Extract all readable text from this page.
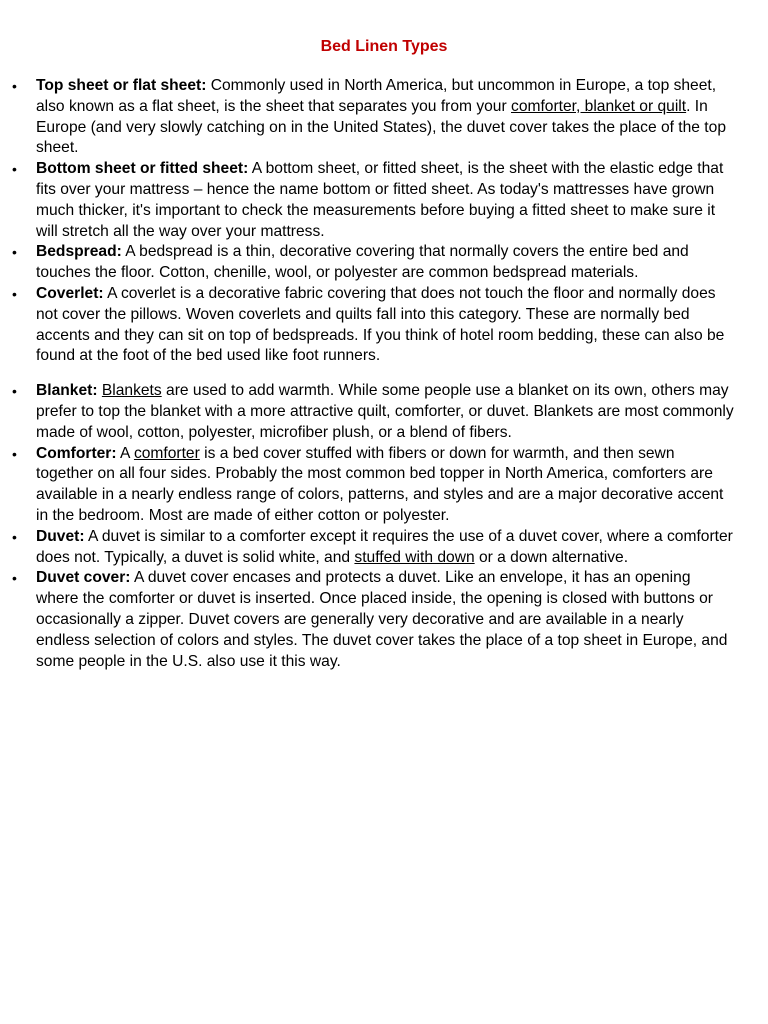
Bed Linen Types
• Top sheet or flat sheet: Commonly used in North America, but uncommon in Europe, a top sheet, also known as a flat sheet, is the sheet that separates you from your comforter, blanket or quilt. In Europe (and very slowly catching on in the United States), the duvet cover takes the place of the top sheet.
• Bottom sheet or fitted sheet: A bottom sheet, or fitted sheet, is the sheet with the elastic edge that fits over your mattress – hence the name bottom or fitted sheet. As today's mattresses have grown much thicker, it's important to check the measurements before buying a fitted sheet to make sure it will stretch all the way over your mattress.
• Bedspread: A bedspread is a thin, decorative covering that normally covers the entire bed and touches the floor. Cotton, chenille, wool, or polyester are common bedspread materials.
• Coverlet: A coverlet is a decorative fabric covering that does not touch the floor and normally does not cover the pillows. Woven coverlets and quilts fall into this category. These are normally bed accents and they can sit on top of bedspreads. If you think of hotel room bedding, these can also be found at the foot of the bed used like foot runners.
• Blanket: Blankets are used to add warmth. While some people use a blanket on its own, others may prefer to top the blanket with a more attractive quilt, comforter, or duvet. Blankets are most commonly made of wool, cotton, polyester, microfiber plush, or a blend of fibers.
• Comforter: A comforter is a bed cover stuffed with fibers or down for warmth, and then sewn together on all four sides. Probably the most common bed topper in North America, comforters are available in a nearly endless range of colors, patterns, and styles and are a major decorative accent in the bedroom. Most are made of either cotton or polyester.
• Duvet: A duvet is similar to a comforter except it requires the use of a duvet cover, where a comforter does not. Typically, a duvet is solid white, and stuffed with down or a down alternative.
• Duvet cover: A duvet cover encases and protects a duvet. Like an envelope, it has an opening where the comforter or duvet is inserted. Once placed inside, the opening is closed with buttons or occasionally a zipper. Duvet covers are generally very decorative and are available in a nearly endless selection of colors and styles. The duvet cover takes the place of a top sheet in Europe, and some people in the U.S. also use it this way.
